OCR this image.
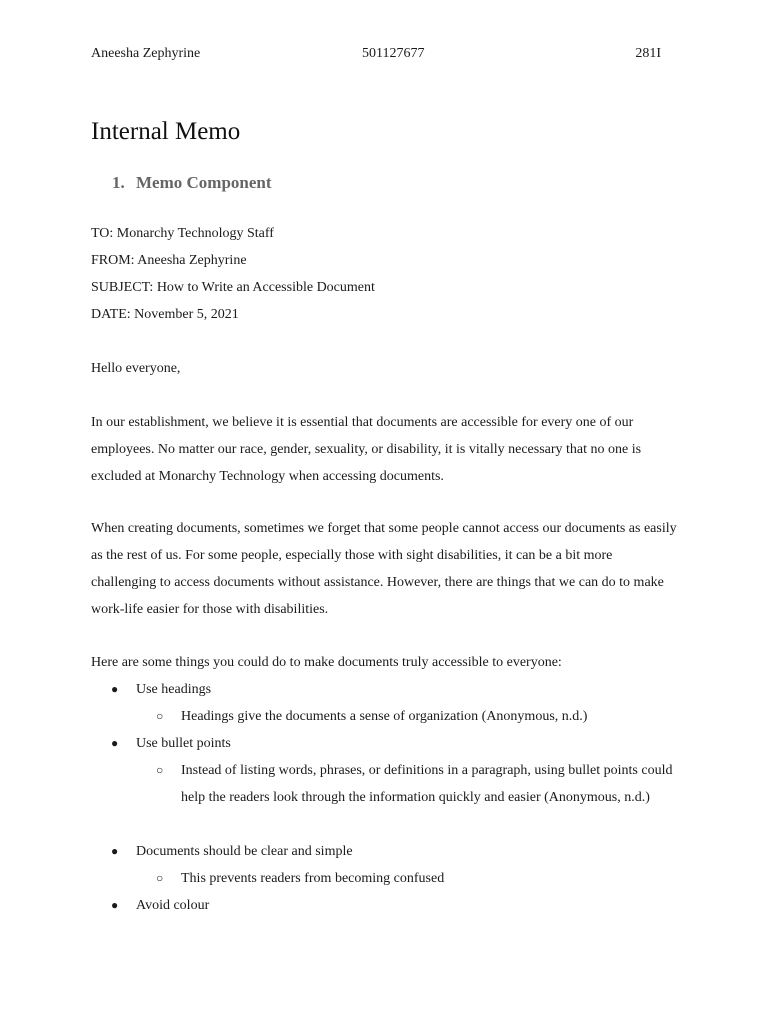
Aneesha Zephyrine	501127677	281I
Internal Memo
1. Memo Component
TO: Monarchy Technology Staff
FROM: Aneesha Zephyrine
SUBJECT: How to Write an Accessible Document
DATE: November 5, 2021
Hello everyone,

In our establishment, we believe it is essential that documents are accessible for every one of our employees. No matter our race, gender, sexuality, or disability, it is vitally necessary that no one is excluded at Monarchy Technology when accessing documents.

When creating documents, sometimes we forget that some people cannot access our documents as easily as the rest of us. For some people, especially those with sight disabilities, it can be a bit more challenging to access documents without assistance. However, there are things that we can do to make work-life easier for those with disabilities.

Here are some things you could do to make documents truly accessible to everyone:
●	Use headings
○	Headings give the documents a sense of organization (Anonymous, n.d.)
●	Use bullet points
○	Instead of listing words, phrases, or definitions in a paragraph, using bullet points could help the readers look through the information quickly and easier (Anonymous, n.d.)
●	Documents should be clear and simple
○	This prevents readers from becoming confused
●	Avoid colour
